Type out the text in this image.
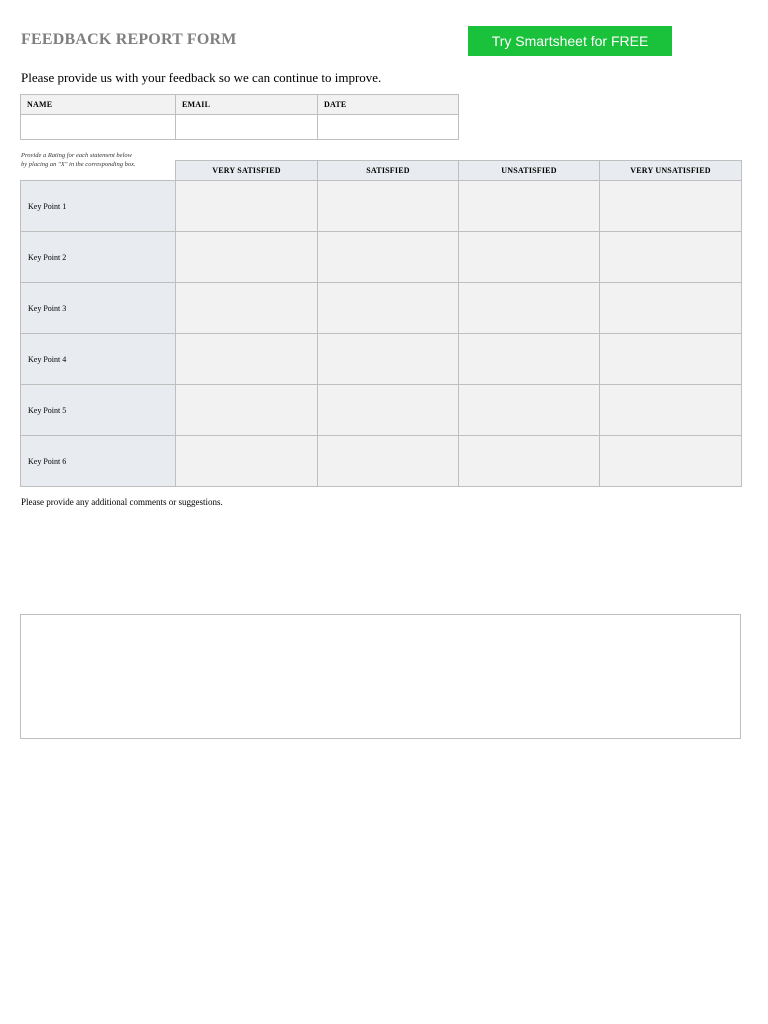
FEEDBACK REPORT FORM	Try Smartsheet for FREE
Please provide us with your feedback so we can continue to improve.
NAME	EMAIL	DATE

Provide a Rating for each statement below
by placing an "X" in the corresponding box.
	VERY SATISFIED	SATISFIED	UNSATISFIED	VERY UNSATISFIED
Key Point 1				
Key Point 2				
Key Point 3				
Key Point 4				
Key Point 5				
Key Point 6				
Please provide any additional comments or suggestions.
